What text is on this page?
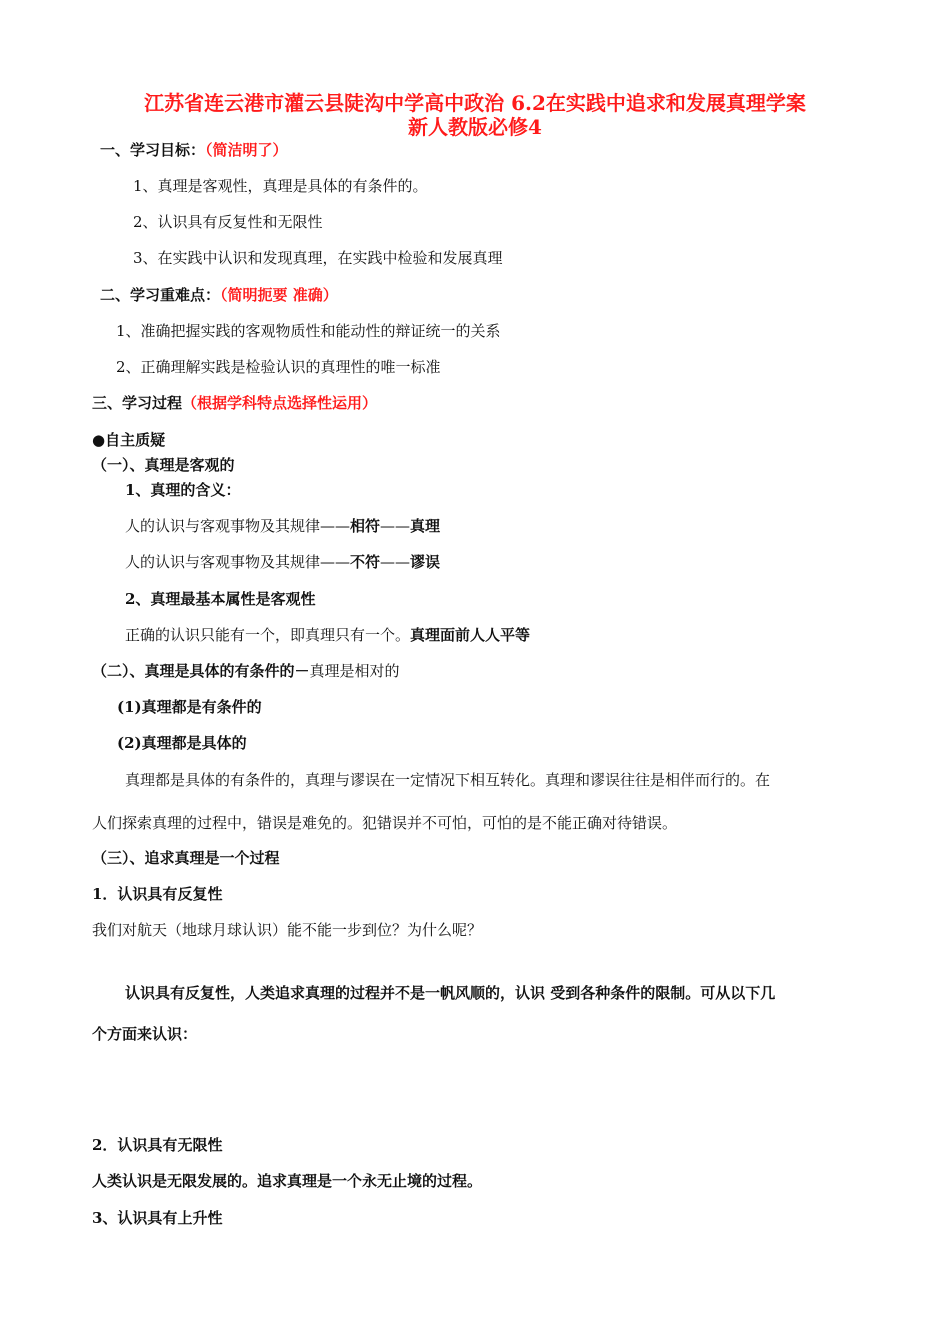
江苏省连云港市灌云县陡沟中学高中政治 6.2在实践中追求和发展真理学案
新人教版必修4
一、学习目标：（简洁明了）
1、真理是客观性，真理是具体的有条件的。
2、认识具有反复性和无限性
3、在实践中认识和发现真理，在实践中检验和发展真理
二、学习重难点：（简明扼要 准确）
1、准确把握实践的客观物质性和能动性的辩证统一的关系
2、正确理解实践是检验认识的真理性的唯一标准
三、学习过程（根据学科特点选择性运用）
●自主质疑
（一）、真理是客观的
1、真理的含义：
人的认识与客观事物及其规律——相符——真理
人的认识与客观事物及其规律——不符——谬误
2、真理最基本属性是客观性
正确的认识只能有一个，即真理只有一个。真理面前人人平等
（二）、真理是具体的有条件的－真理是相对的
(1)真理都是有条件的
(2)真理都是具体的
真理都是具体的有条件的，真理与谬误在一定情况下相互转化。真理和谬误往往是相伴而行的。在
人们探索真理的过程中，错误是难免的。犯错误并不可怕，可怕的是不能正确对待错误。
（三）、追求真理是一个过程
1．认识具有反复性
我们对航天（地球月球认识）能不能一步到位？为什么呢？
认识具有反复性，人类追求真理的过程并不是一帆风顺的，认识 受到各种条件的限制。可从以下几
个方面来认识：
2．认识具有无限性
人类认识是无限发展的。追求真理是一个永无止境的过程。
3、认识具有上升性
